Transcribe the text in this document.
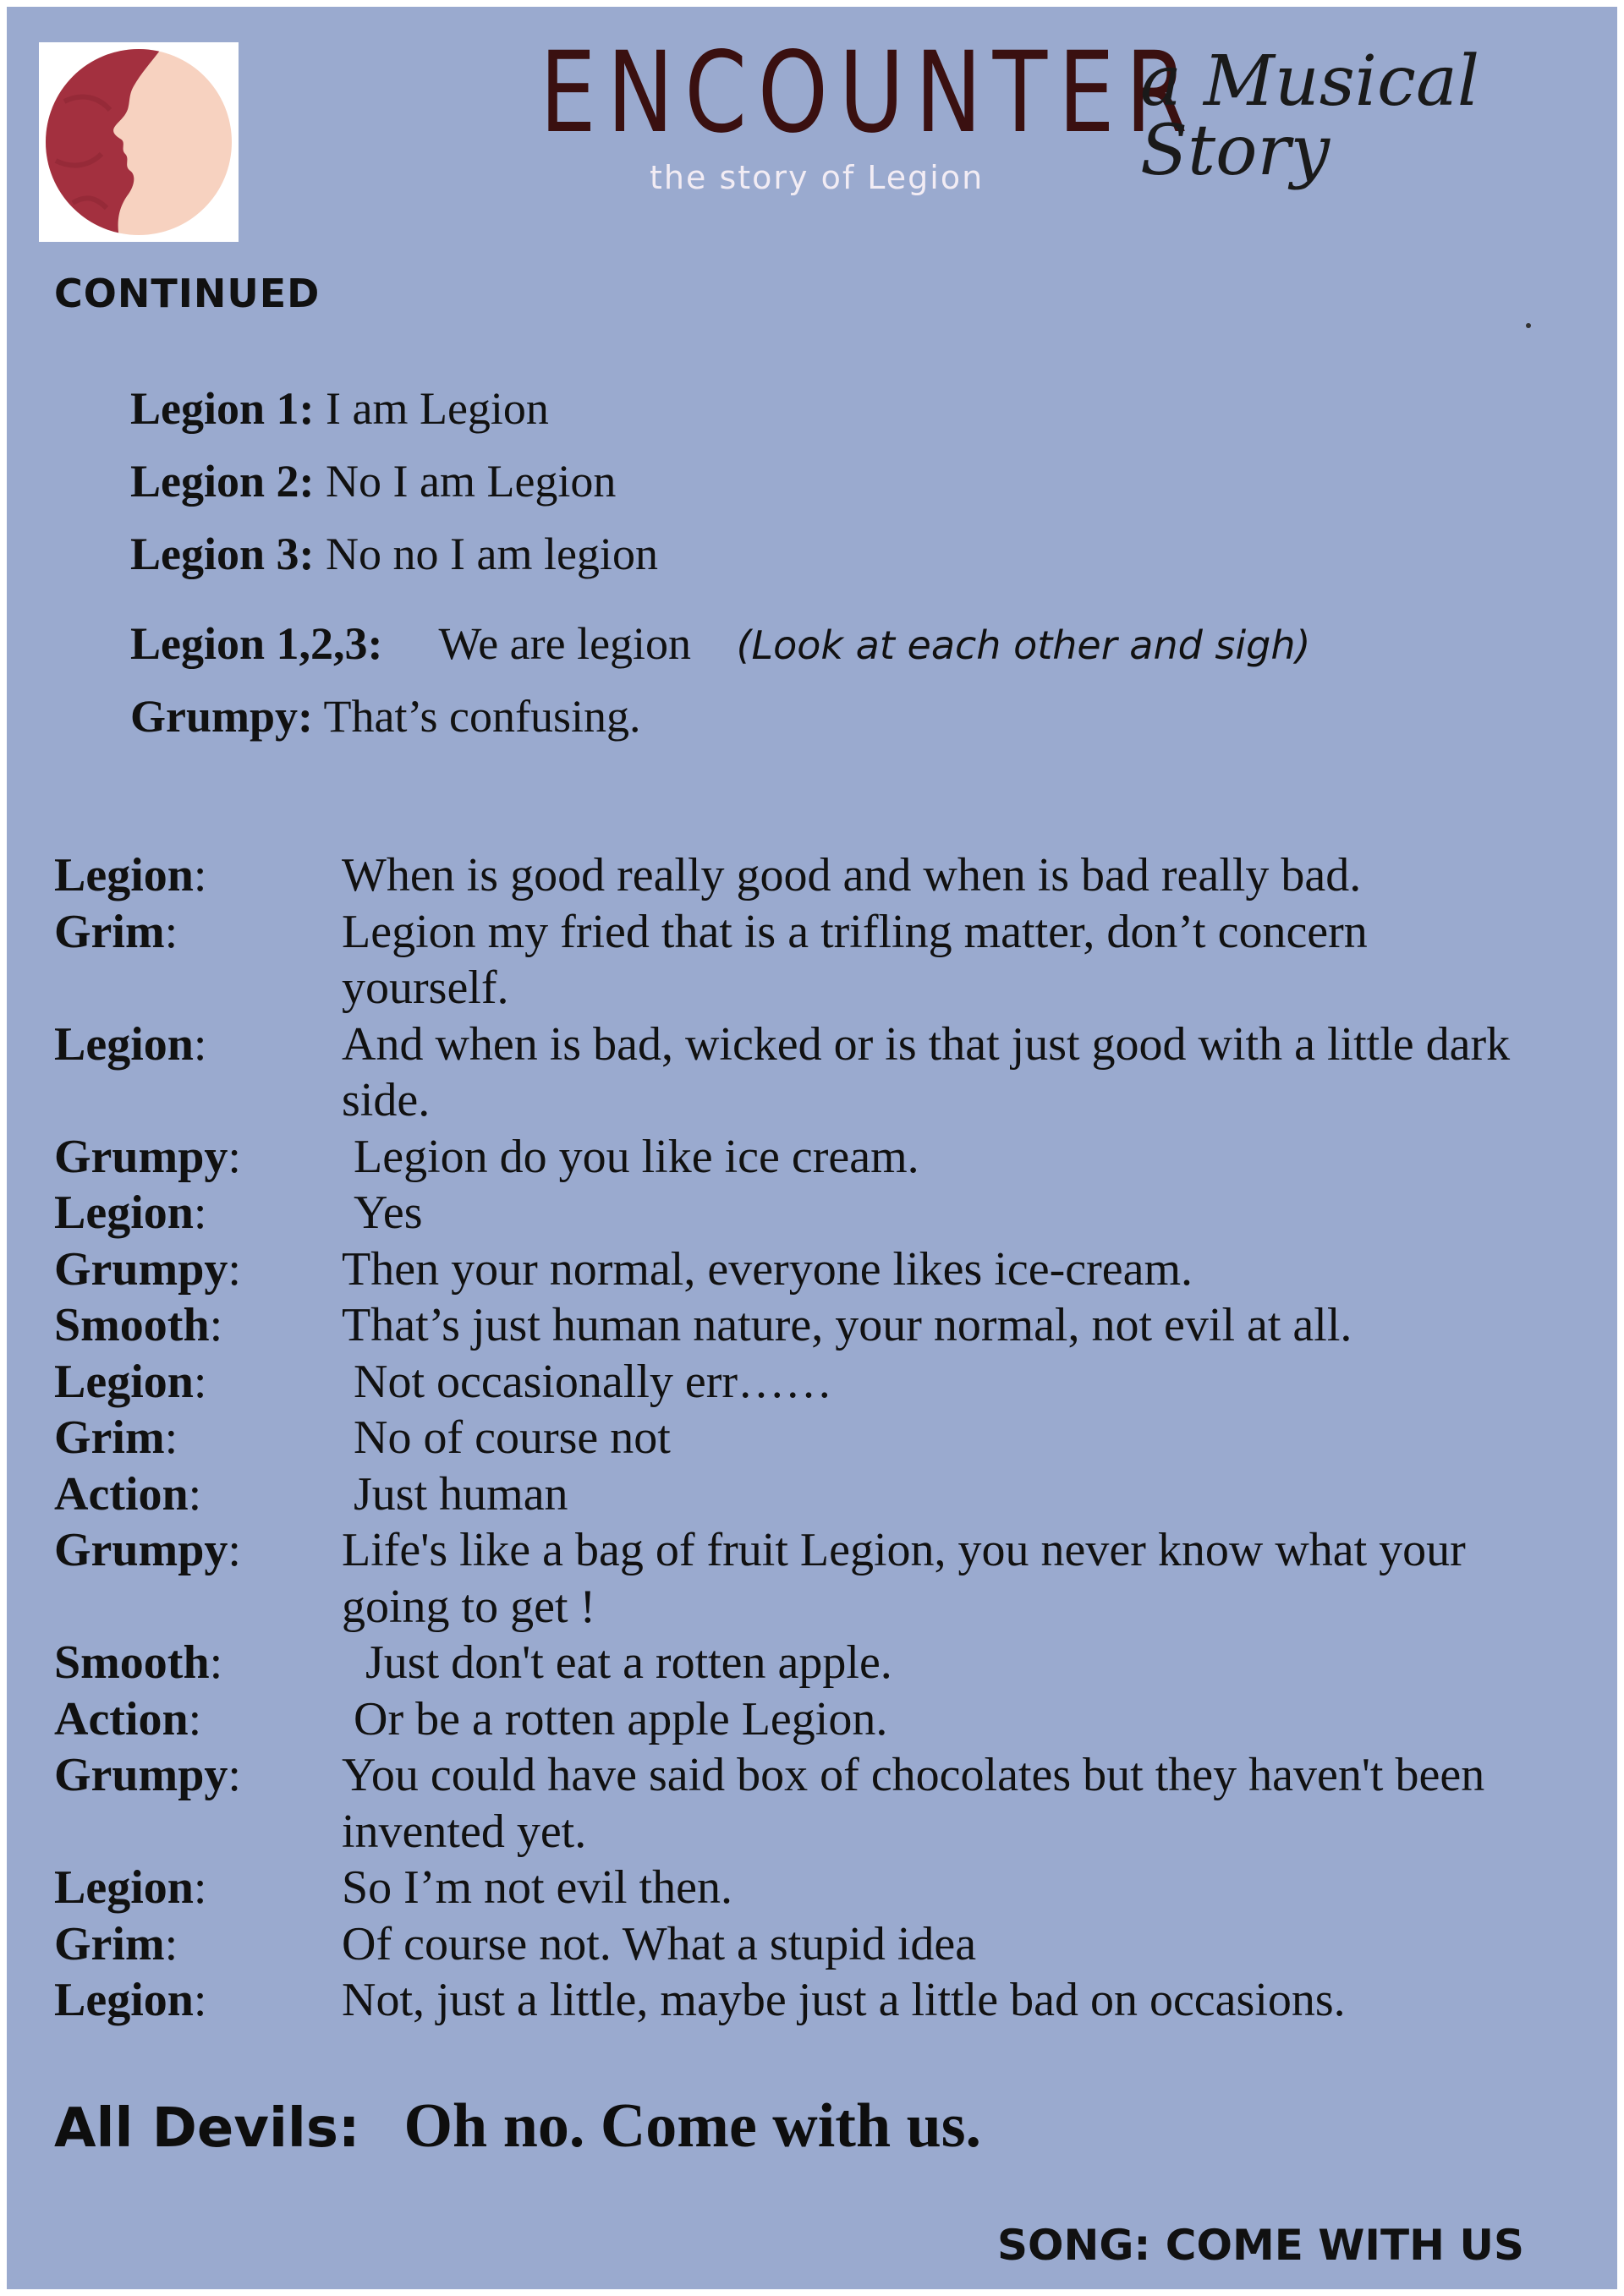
ENCOUNTER
the story of Legion
a Musical
Story
CONTINUED
Legion 1: I am Legion
Legion 2: No I am Legion
Legion 3: No no I am legion
Legion 1,2,3: We are legion (Look at each other and sigh)
Grumpy: That’s confusing.
Legion:	When is good really good and when is bad really bad.
Grim:	Legion my fried that is a trifling matter, don’t concern yourself.
Legion:	And when is bad, wicked or is that just good with a little dark side.
Grumpy:	Legion do you like ice cream.
Legion:	Yes
Grumpy:	Then your normal, everyone likes ice-cream.
Smooth:	That’s just human nature, your normal, not evil at all.
Legion:	Not occasionally err……
Grim:	No of course not
Action:	Just human
Grumpy:	Life's like a bag of fruit Legion, you never know what your going to get !
Smooth:	Just don't eat a rotten apple.
Action:	Or be a rotten apple Legion.
Grumpy:	You could have said box of chocolates but they haven't been invented yet.
Legion:	So I’m not evil then.
Grim:	Of course not. What a stupid idea
Legion:	Not, just a little, maybe just a little bad on occasions.
All Devils: Oh no. Come with us.
SONG: COME WITH US
